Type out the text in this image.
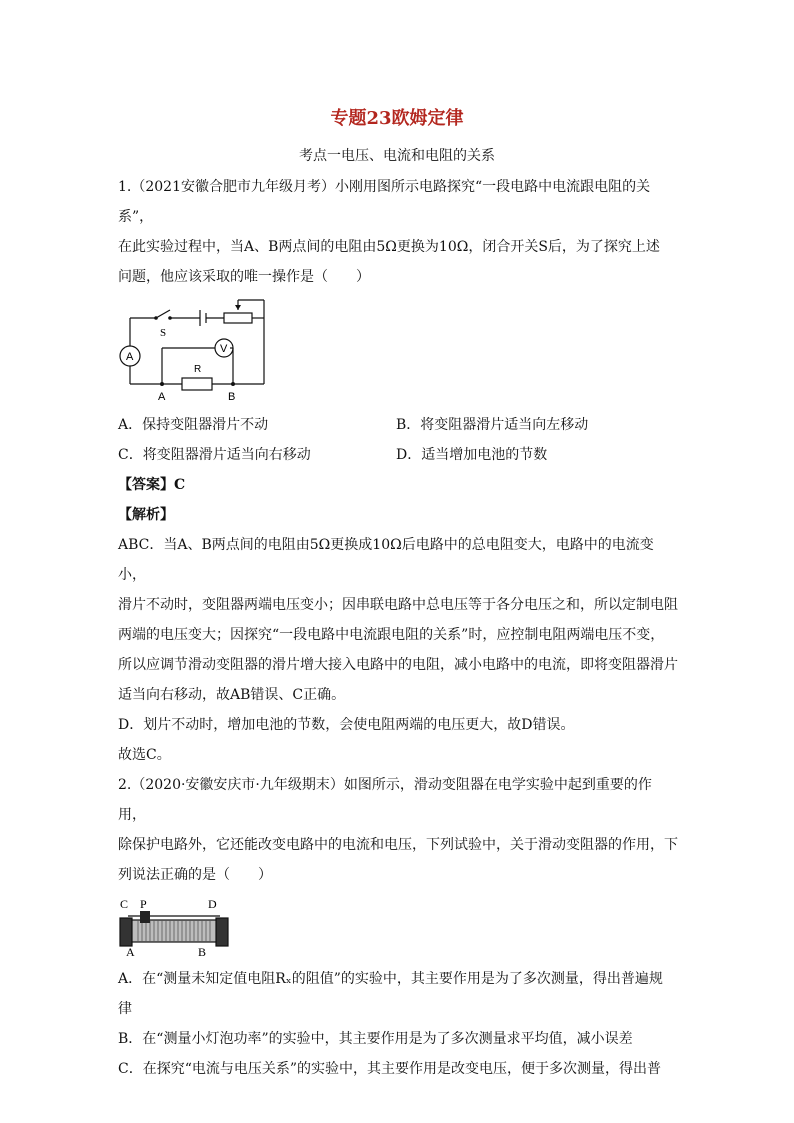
专题23欧姆定律
考点一电压、电流和电阻的关系

1.（2021安徽合肥市九年级月考）小刚用图所示电路探究“一段电路中电流跟电阻的关系”，

在此实验过程中，当A、B两点间的电阻由5Ω更换为10Ω，闭合开关S后，为了探究上述

问题，他应该采取的唯一操作是（　　）

S
A
V
R
A	B
A．保持变阻器滑片不动	B．将变阻器滑片适当向左移动
C．将变阻器滑片适当向右移动	D．适当增加电池的节数

【答案】C

【解析】

ABC．当A、B两点间的电阻由5Ω更换成10Ω后电路中的总电阻变大，电路中的电流变小，

滑片不动时，变阻器两端电压变小；因串联电路中总电压等于各分电压之和，所以定制电阻

两端的电压变大；因探究“一段电路中电流跟电阻的关系”时，应控制电阻两端电压不变，

所以应调节滑动变阻器的滑片增大接入电路中的电阻，减小电路中的电流，即将变阻器滑片

适当向右移动，故AB错误、C正确。

D．划片不动时，增加电池的节数，会使电阻两端的电压更大，故D错误。

故选C。

2.（2020·安徽安庆市·九年级期末）如图所示，滑动变阻器在电学实验中起到重要的作用，

除保护电路外，它还能改变电路中的电流和电压，下列试验中，关于滑动变阻器的作用，下

列说法正确的是（　　）

C P	D
A	B

A．在“测量未知定值电阻Rₓ的阻值”的实验中，其主要作用是为了多次测量，得出普遍规

律

B．在“测量小灯泡功率”的实验中，其主要作用是为了多次测量求平均值，减小误差

C．在探究“电流与电压关系”的实验中，其主要作用是改变电压，便于多次测量，得出普
